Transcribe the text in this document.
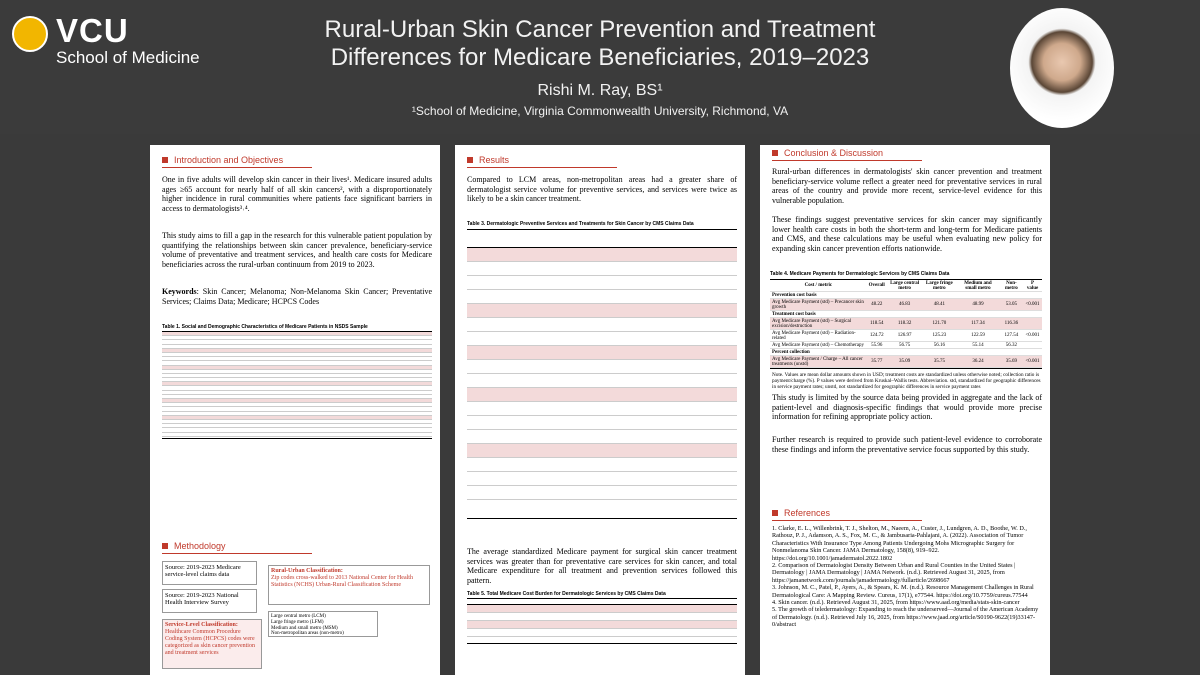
VCU
School of Medicine
Rural-Urban Skin Cancer Prevention and Treatment
Differences for Medicare Beneficiaries, 2019–2023
Rishi M. Ray, BS¹
¹School of Medicine, Virginia Commonwealth University, Richmond, VA
Introduction and Objectives
One in five adults will develop skin cancer in their lives¹. Medicare insured adults ages ≥65 account for nearly half of all skin cancers², with a disproportionately higher incidence in rural communities where patients face significant barriers in access to dermatologists³˒⁴.
This study aims to fill a gap in the research for this vulnerable patient population by quantifying the relationships between skin cancer prevalence, beneficiary-service volume of preventative and treatment services, and health care costs for Medicare beneficiaries across the rural-urban continuum from 2019 to 2023.
Keywords: Skin Cancer; Melanoma; Non-Melanoma Skin Cancer; Preventative Services; Claims Data; Medicare; HCPCS Codes
Table 1. Social and Demographic Characteristics of Medicare Patients in NSDS Sample
Methodology
Source: 2019-2023 Medicare service-level claims data
Source: 2019-2023 National Health Interview Survey
Rural-Urban Classification:
Zip codes cross-walked to 2013 National Center for Health Statistics (NCHS) Urban-Rural Classification Scheme
Large central metro (LCM)
Large fringe metro (LFM)
Medium and small metro (MSM)
Non-metropolitan areas (non-metro)
Service-Level Classification:
Healthcare Common Procedure Coding System (HCPCS) codes were categorized as skin cancer prevention and treatment services
Results
Compared to LCM areas, non-metropolitan areas had a greater share of dermatologist service volume for preventive services, and services were twice as likely to be a skin cancer treatment.
Table 3. Dermatologic Preventive Services and Treatments for Skin Cancer by CMS Claims Data
The average standardized Medicare payment for surgical skin cancer treatment services was greater than for preventative care services for skin cancer, and total Medicare expenditure for all treatment and prevention services followed this pattern.
Table 5. Total Medicare Cost Burden for Dermatologic Services by CMS Claims Data
Conclusion & Discussion
Rural-urban differences in dermatologists' skin cancer prevention and treatment beneficiary-service volume reflect a greater need for preventative services in rural areas of the country and provide more recent, service-level evidence for this vulnerable population.
These findings suggest preventative services for skin cancer may significantly lower health care costs in both the short-term and long-term for Medicare patients and CMS, and these calculations may be useful when evaluating new policy for expanding skin cancer prevention efforts nationwide.
Table 4. Medicare Payments for Dermatologic Services by CMS Claims Data
Cost / metric	Overall	Large central metro	Large fringe metro	Medium and small metro	Non-metro	P value
Prevention cost basis						
Avg Medicare Payment (std) – Precancer skin growth	48.22	46.83	48.41	48.99	53.05	<0.001
Treatment cost basis						
Avg Medicare Payment (std) – Surgical excision/destruction	118.54	118.32	121.70	117.34	116.36	
Avg Medicare Payment (std) – Radiation-related	124.72	126.97	125.23	122.59	127.54	<0.001
Avg Medicare Payment (std) – Chemotherapy	55.96	56.75	56.16	55.14	56.32	
Percent collection						
Avg Medicare Payment / Charge – All cancer treatments (unstd)	35.77	35.09	35.75	36.24	35.69	<0.001
Note. Values are mean dollar amounts shown in USD; treatment costs are standardized unless otherwise noted; collection ratio is payment/charge (%). P values were derived from Kruskal–Wallis tests. Abbreviation. std, standardized for geographic differences in service payment rates; unstd, not standardized for geographic differences in service payment rates
This study is limited by the source data being provided in aggregate and the lack of patient-level and diagnosis-specific findings that would provide more precise information for refining appropriate policy action.
Further research is required to provide such patient-level evidence to corroborate these findings and inform the preventative service focus supported by this study.
References
1. Clarke, E. L., Willenbrink, T. J., Shelton, M., Naeem, A., Custer, J., Lundgren, A. D., Boothe, W. D., Rathouz, P. J., Adamson, A. S., Fox, M. C., & Jambusaria-Pahlajani, A. (2022). Association of Tumor Characteristics With Insurance Type Among Patients Undergoing Mohs Micrographic Surgery for Nonmelanoma Skin Cancer. JAMA Dermatology, 158(8), 919–922. https://doi.org/10.1001/jamadermatol.2022.1802
2. Comparison of Dermatologist Density Between Urban and Rural Counties in the United States | Dermatology | JAMA Dermatology | JAMA Network. (n.d.). Retrieved August 31, 2025, from https://jamanetwork.com/journals/jamadermatology/fullarticle/2698667
3. Johnson, M. C., Patel, P., Ayers, A., & Spears, K. M. (n.d.). Resource Management Challenges in Rural Dermatological Care: A Mapping Review. Cureus, 17(1), e77544. https://doi.org/10.7759/cureus.77544
4. Skin cancer. (n.d.). Retrieved August 31, 2025, from https://www.aad.org/media/stats-skin-cancer
5. The growth of teledermatology: Expanding to reach the underserved—Journal of the American Academy of Dermatology. (n.d.). Retrieved July 16, 2025, from https://www.jaad.org/article/S0190-9622(19)33147-0/abstract
